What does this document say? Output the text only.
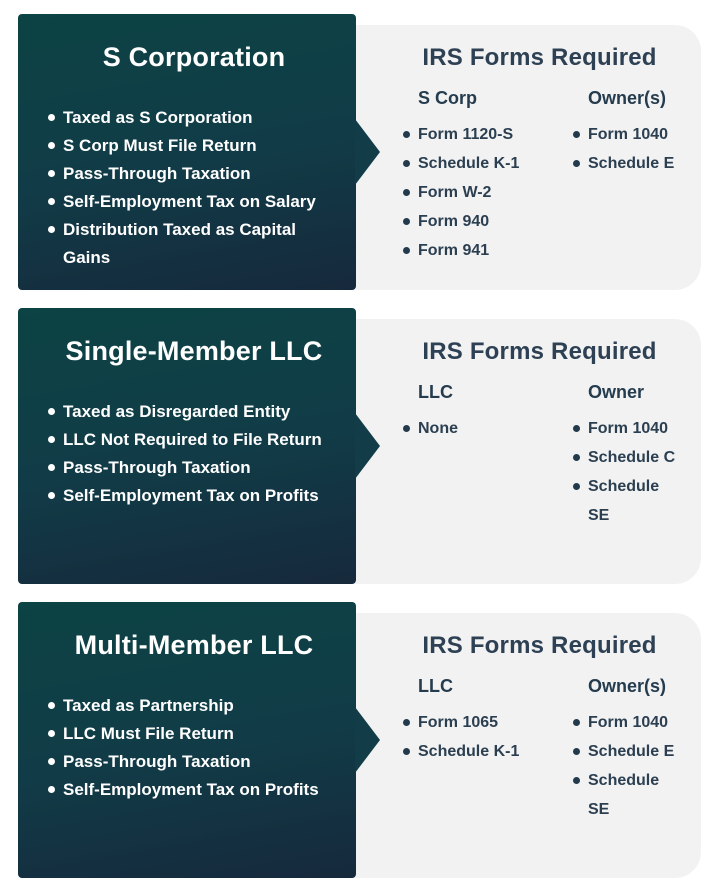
IRS Forms Required
S Corp
Form 1120-S
Schedule K-1
Form W-2
Form 940
Form 941
Owner(s)
Form 1040
Schedule E
S Corporation
Taxed as S Corporation
S Corp Must File Return
Pass-Through Taxation
Self-Employment Tax on Salary
Distribution Taxed as Capital Gains
IRS Forms Required
LLC
None
Owner
Form 1040
Schedule C
Schedule SE
Single-Member LLC
Taxed as Disregarded Entity
LLC Not Required to File Return
Pass-Through Taxation
Self-Employment Tax on Profits
IRS Forms Required
LLC
Form 1065
Schedule K-1
Owner(s)
Form 1040
Schedule E
Schedule SE
Multi-Member LLC
Taxed as Partnership
LLC Must File Return
Pass-Through Taxation
Self-Employment Tax on Profits
